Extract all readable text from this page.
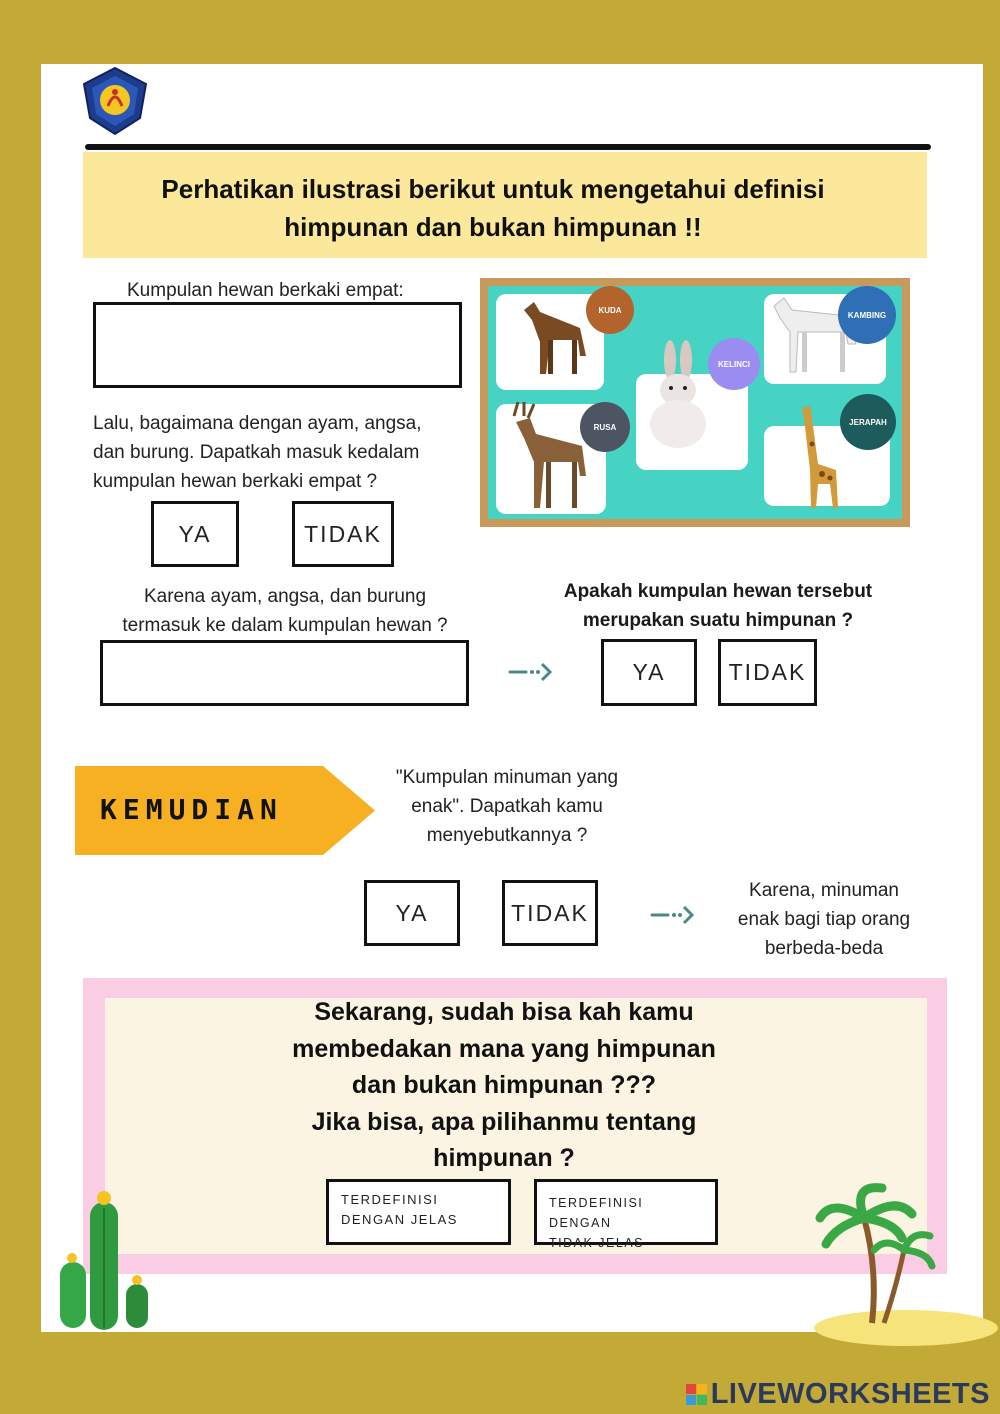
Perhatikan ilustrasi berikut untuk mengetahui definisi
himpunan dan bukan himpunan !!
Kumpulan hewan berkaki empat:
Lalu, bagaimana dengan ayam, angsa,
dan burung. Dapatkah masuk kedalam
kumpulan hewan berkaki empat ?
YA	TIDAK
KUDA
KELINCI
KAMBING
RUSA
JERAPAH
Karena ayam, angsa, dan burung
termasuk ke dalam kumpulan hewan ?
Apakah kumpulan hewan tersebut
merupakan suatu himpunan ?
YA	TIDAK
KEMUDIAN
"Kumpulan minuman yang
enak". Dapatkah kamu
menyebutkannya ?
YA	TIDAK
Karena, minuman
enak bagi tiap orang
berbeda-beda
Sekarang, sudah bisa kah kamu
membedakan mana yang himpunan
dan bukan himpunan ???
Jika bisa, apa pilihanmu tentang
himpunan ?
TERDEFINISI
DENGAN JELAS
TERDEFINISI DENGAN
TIDAK JELAS
LIVEWORKSHEETS
